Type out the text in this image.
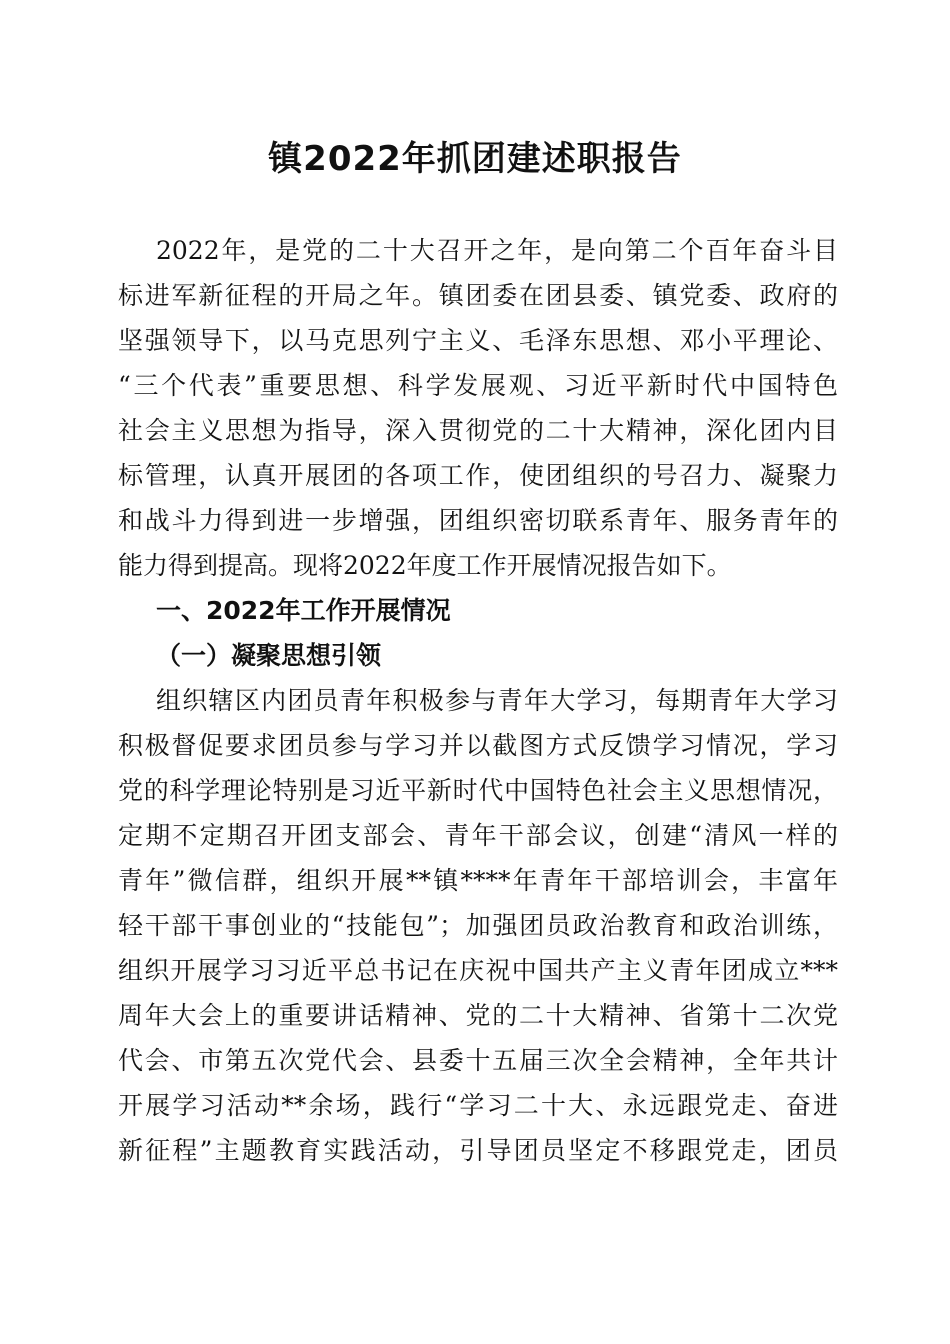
镇2022年抓团建述职报告
2022年，是党的二十大召开之年，是向第二个百年奋斗目
标进军新征程的开局之年。镇团委在团县委、镇党委、政府的
坚强领导下，以马克思列宁主义、毛泽东思想、邓小平理论、
“三个代表”重要思想、科学发展观、习近平新时代中国特色
社会主义思想为指导，深入贯彻党的二十大精神，深化团内目
标管理，认真开展团的各项工作，使团组织的号召力、凝聚力
和战斗力得到进一步增强，团组织密切联系青年、服务青年的
能力得到提高。现将2022年度工作开展情况报告如下。
一、2022年工作开展情况
（一）凝聚思想引领
组织辖区内团员青年积极参与青年大学习，每期青年大学习
积极督促要求团员参与学习并以截图方式反馈学习情况，学习
党的科学理论特别是习近平新时代中国特色社会主义思想情况，
定期不定期召开团支部会、青年干部会议，创建“清风一样的
青年”微信群，组织开展**镇****年青年干部培训会，丰富年
轻干部干事创业的“技能包”；加强团员政治教育和政治训练，
组织开展学习习近平总书记在庆祝中国共产主义青年团成立***
周年大会上的重要讲话精神、党的二十大精神、省第十二次党
代会、市第五次党代会、县委十五届三次全会精神，全年共计
开展学习活动**余场，践行“学习二十大、永远跟党走、奋进
新征程”主题教育实践活动，引导团员坚定不移跟党走，团员
